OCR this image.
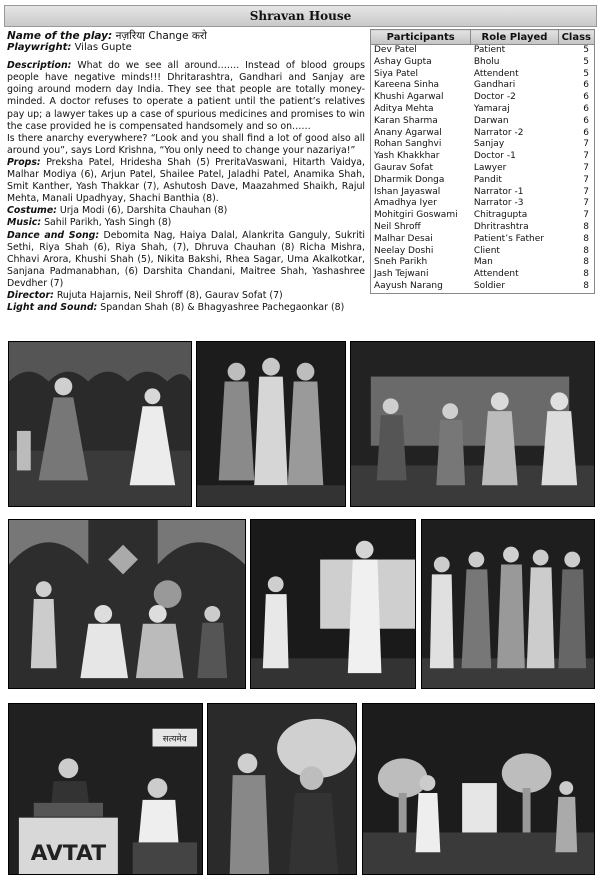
Shravan House

Name of the play: नज़रिया Change करो

Playwright: Vilas Gupte

Description: What do we see all around……. Instead of blood groups people have negative minds!!! Dhritarashtra, Gandhari and Sanjay are going around modern day India. They see that people are totally money-minded. A doctor refuses to operate a patient until the patient’s relatives pay up; a lawyer takes up a case of spurious medicines and promises to win the case provided he is compensated handsomely and so on……

Is there anarchy everywhere? “Look and you shall find a lot of good also all around you”, says Lord Krishna, “You only need to change your nazariya!”

Props: Preksha Patel, Hridesha Shah (5) PreritaVaswani, Hitarth Vaidya, Malhar Modiya (6), Arjun Patel, Shailee Patel, Jaladhi Patel, Anamika Shah, Smit Kanther, Yash Thakkar (7), Ashutosh Dave, Maazahmed Shaikh, Rajul Mehta, Manali Upadhyay, Shachi Banthia (8).

Costume: Urja Modi (6), Darshita Chauhan (8)

Music: Sahil Parikh, Yash Singh (8)

Dance and Song: Debomita Nag, Haiya Dalal, Alankrita Ganguly, Sukriti Sethi, Riya Shah (6), Riya Shah, (7), Dhruva Chauhan (8) Richa Mishra, Chhavi Arora, Khushi Shah (5), Nikita Bakshi, Rhea Sagar, Uma Akalkotkar, Sanjana Padmanabhan, (6) Darshita Chandani, Maitree Shah, Yashashree Devdher (7)

Director: Rujuta Hajarnis, Neil Shroff (8), Gaurav Sofat (7)

Light and Sound: Spandan Shah (8) & Bhagyashree Pachegaonkar (8)

Participants	Role Played	Class
Dev Patel	Patient	5
Ashay Gupta	Bholu	5
Siya Patel	Attendent	5
Kareena Sinha	Gandhari	6
Khushi Agarwal	Doctor -2	6
Aditya Mehta	Yamaraj	6
Karan Sharma	Darwan	6
Anany Agarwal	Narrator -2	6
Rohan Sanghvi	Sanjay	7
Yash Khakkhar	Doctor -1	7
Gaurav Sofat	Lawyer	7
Dharmik Donga	Pandit	7
Ishan Jayaswal	Narrator -1	7
Amadhya Iyer	Narrator -3	7
Mohitgiri Goswami	Chitragupta	7
Neil Shroff	Dhritrashtra	8
Malhar Desai	Patient’s Father	8
Neelay Doshi	Client	8
Sneh Parikh	Man	8
Jash Tejwani	Attendent	8
Aayush Narang	Soldier	8
सत्यमेव
AVTAT
